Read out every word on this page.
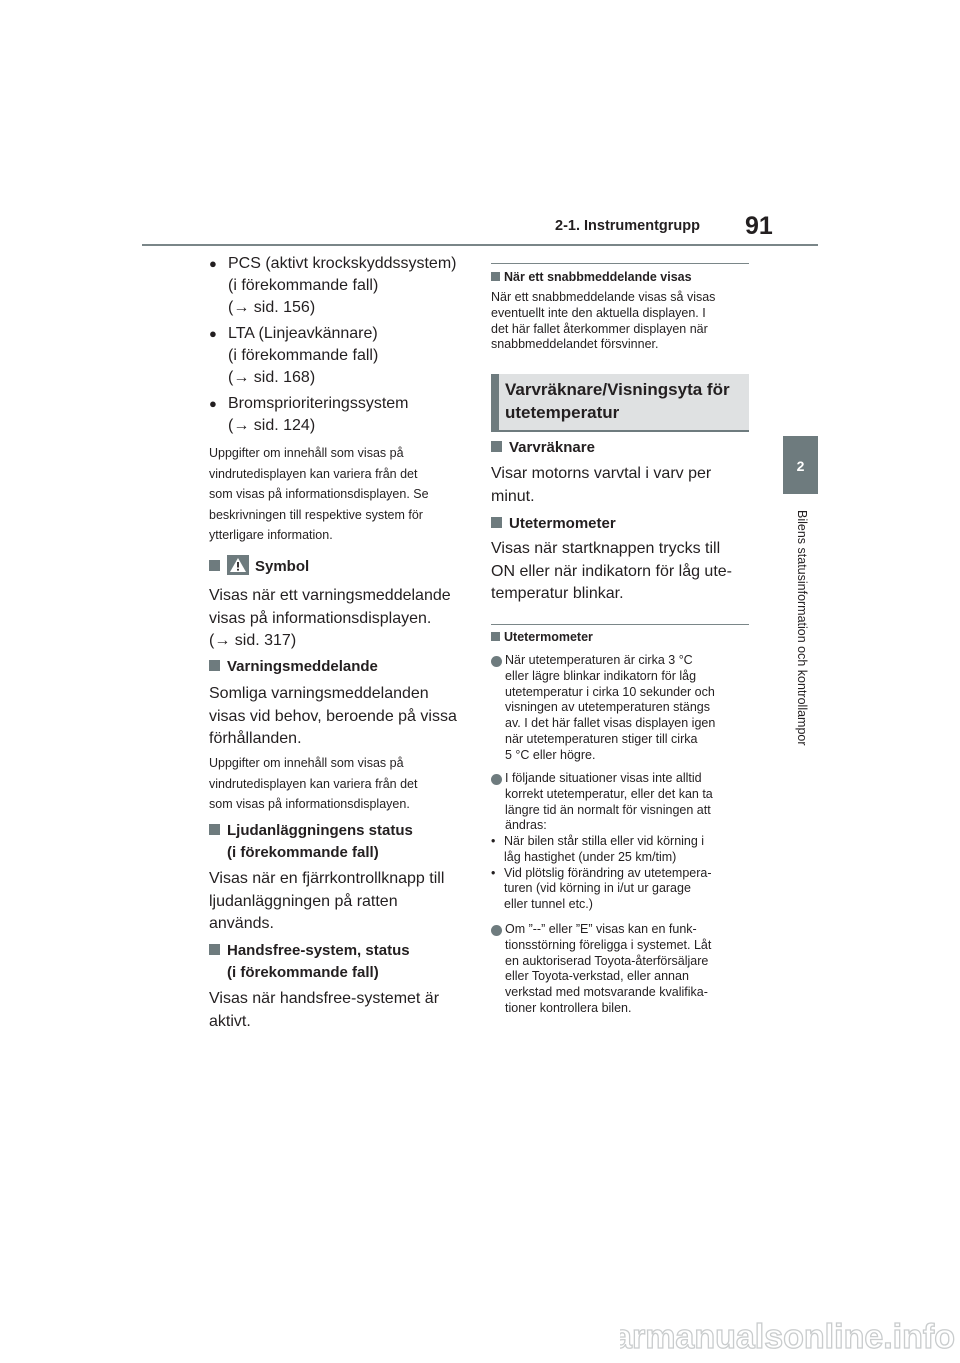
2-1. Instrumentgrupp 91
2
Bilens statusinformation och kontrollampor
● PCS (aktivt krockskyddssystem)
(i förekommande fall)
(→ sid. 156)
● LTA (Linjeavkännare)
(i förekommande fall)
(→ sid. 168)
● Bromsprioriteringssystem
(→ sid. 124)
Uppgifter om innehåll som visas på
vindrutedisplayen kan variera från det
som visas på informationsdisplayen. Se
beskrivningen till respektive system för
ytterligare information.
Symbol
Visas när ett varningsmeddelande
visas på informationsdisplayen.
(→ sid. 317)
Varningsmeddelande
Somliga varningsmeddelanden
visas vid behov, beroende på vissa
förhållanden.
Uppgifter om innehåll som visas på
vindrutedisplayen kan variera från det
som visas på informationsdisplayen.
Ljudanläggningens status
(i förekommande fall)
Visas när en fjärrkontrollknapp till
ljudanläggningen på ratten
används.
Handsfree-system, status
(i förekommande fall)
Visas när handsfree-systemet är
aktivt.
När ett snabbmeddelande visas
När ett snabbmeddelande visas så visas
eventuellt inte den aktuella displayen. I
det här fallet återkommer displayen när
snabbmeddelandet försvinner.
Varvräknare/Visningsyta för
utetemperatur
Varvräknare
Visar motorns varvtal i varv per
minut.
Utetermometer
Visas när startknappen trycks till
ON eller när indikatorn för låg ute-
temperatur blinkar.
Utetermometer
När utetemperaturen är cirka 3 °C
eller lägre blinkar indikatorn för låg
utetemperatur i cirka 10 sekunder och
visningen av utetemperaturen stängs
av. I det här fallet visas displayen igen
när utetemperaturen stiger till cirka
5 °C eller högre.
I följande situationer visas inte alltid
korrekt utetemperatur, eller det kan ta
längre tid än normalt för visningen att
ändras:
• När bilen står stilla eller vid körning i
låg hastighet (under 25 km/tim)
• Vid plötslig förändring av utetempera-
turen (vid körning in i/ut ur garage
eller tunnel etc.)
Om ”--” eller ”E” visas kan en funk-
tionsstörning föreligga i systemet. Låt
en auktoriserad Toyota-återförsäljare
eller Toyota-verkstad, eller annan
verkstad med motsvarande kvalifika-
tioner kontrollera bilen.
carmanualsonline.info
